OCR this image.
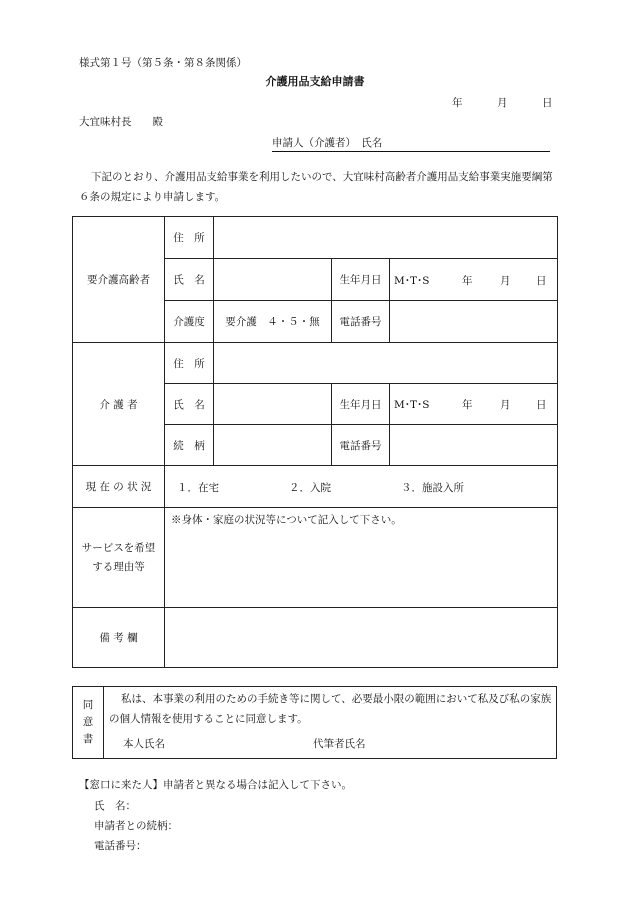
様式第１号（第５条・第８条関係）
介護用品支給申請書
年	月	日
大宜味村長　　殿
申請人（介護者）　氏名
下記のとおり、介護用品支給事業を利用したいので、大宜味村高齢者介護用品支給事業実施要綱第６条の規定により申請します。
要介護高齢者	住　所			
	氏　名		生年月日	M･T･S 年 月 日

	介護度	要介護　４・５・無	電話番号	
介 護 者	住　所			
	氏　名		生年月日	M･T･S 年 月 日

	続　柄		電話番号	
現 在 の 状 況	１．在宅 ２．入院 ３．施設入所			

サービスを希望
する理由等	※身体・家庭の状況等について記入して下さい。			
備 考 欄				
同
意
書
私は、本事業の利用のための手続き等に関して、必要最小限の範囲において私及び私の家族の個人情報を使用することに同意します。
本人氏名	代筆者氏名
【窓口に来た人】申請者と異なる場合は記入して下さい。
氏　名：
申請者との続柄：
電話番号：
